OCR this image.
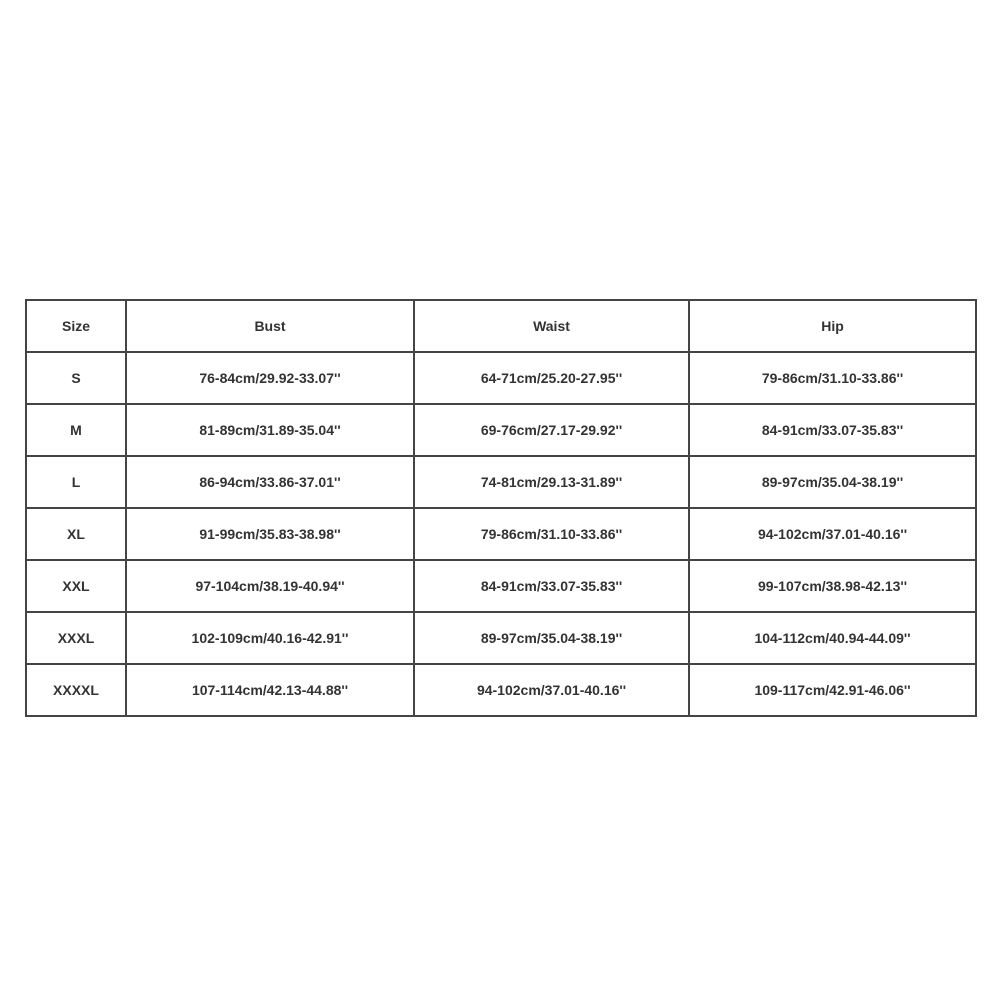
Size	Bust	Waist	Hip
S	76-84cm/29.92-33.07''	64-71cm/25.20-27.95''	79-86cm/31.10-33.86''
M	81-89cm/31.89-35.04''	69-76cm/27.17-29.92''	84-91cm/33.07-35.83''
L	86-94cm/33.86-37.01''	74-81cm/29.13-31.89''	89-97cm/35.04-38.19''
XL	91-99cm/35.83-38.98''	79-86cm/31.10-33.86''	94-102cm/37.01-40.16''
XXL	97-104cm/38.19-40.94''	84-91cm/33.07-35.83''	99-107cm/38.98-42.13''
XXXL	102-109cm/40.16-42.91''	89-97cm/35.04-38.19''	104-112cm/40.94-44.09''
XXXXL	107-114cm/42.13-44.88''	94-102cm/37.01-40.16''	109-117cm/42.91-46.06''
